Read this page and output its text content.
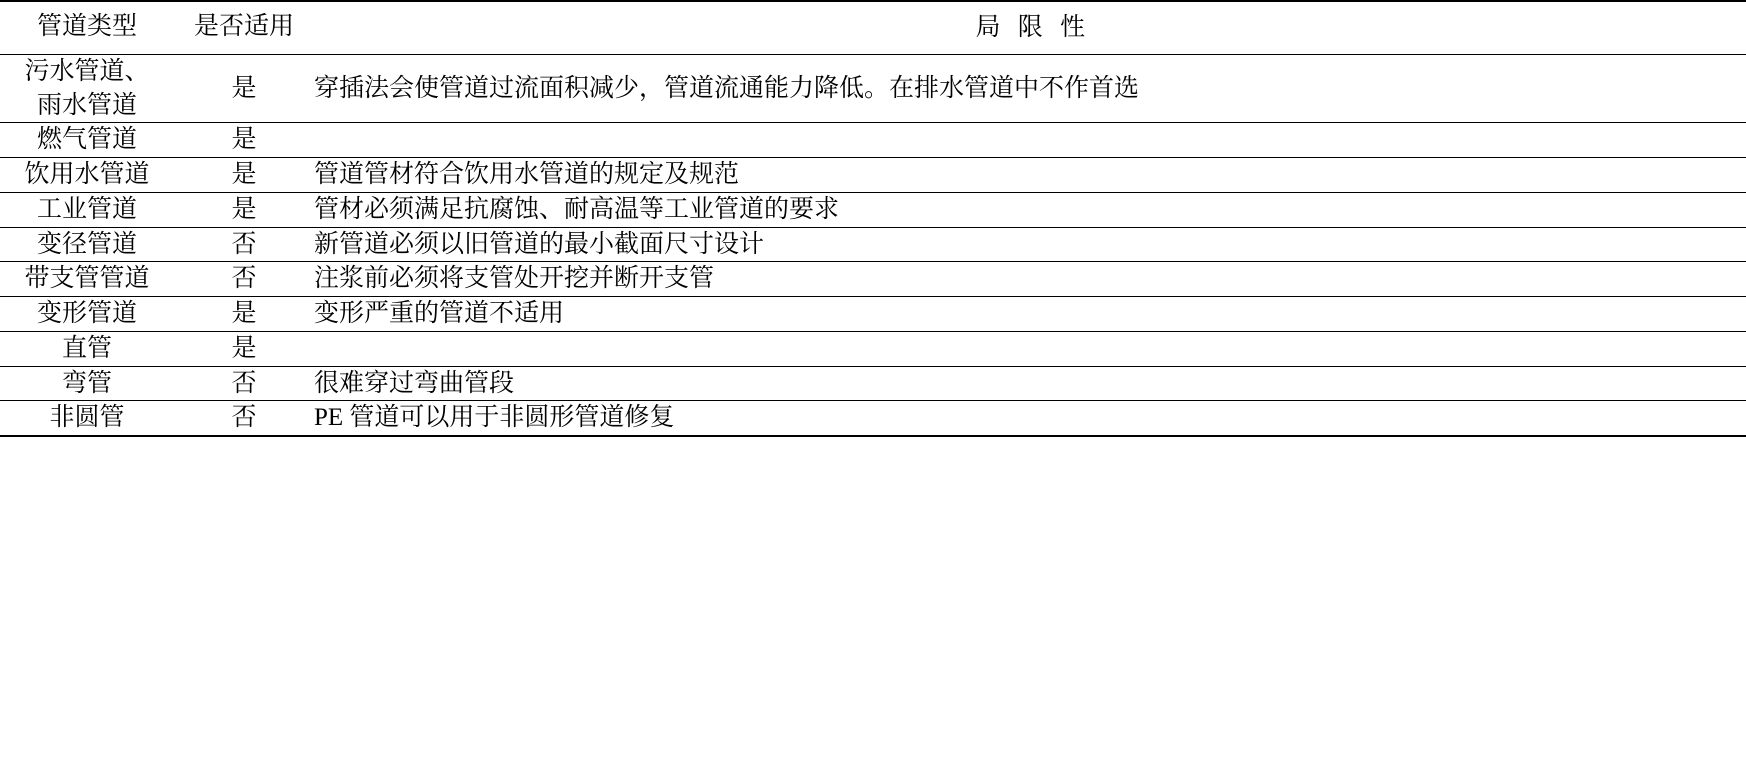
管道类型	是否适用	局 限 性

污水管道、
雨水管道	是	穿插法会使管道过流面积减少，管道流通能力降低。在排水管道中不作首选
燃气管道	是	
饮用水管道	是	管道管材符合饮用水管道的规定及规范
工业管道	是	管材必须满足抗腐蚀、耐高温等工业管道的要求
变径管道	否	新管道必须以旧管道的最小截面尺寸设计
带支管管道	否	注浆前必须将支管处开挖并断开支管
变形管道	是	变形严重的管道不适用
直管	是	
弯管	否	很难穿过弯曲管段
非圆管	否	PE 管道可以用于非圆形管道修复
